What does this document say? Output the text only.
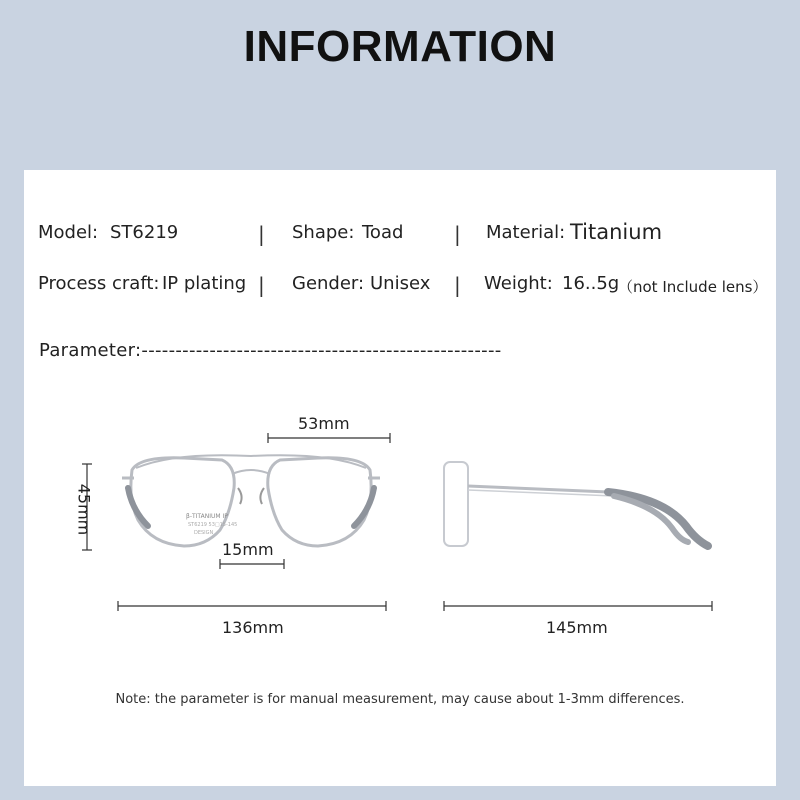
INFORMATION
Model: ST6219	| Shape: Toad	| Material: Titanium
Process craft: IP plating | Gender: Unisex | Weight: 16..5g
（not Include lens）
Parameter:-----------------------------------------------------
β-TITANIUM IP
ST6219 53□15-145
DESIGN
53mm
45mm
15mm
136mm	145mm
Note: the parameter is for manual measurement, may cause about 1-3mm differences.
